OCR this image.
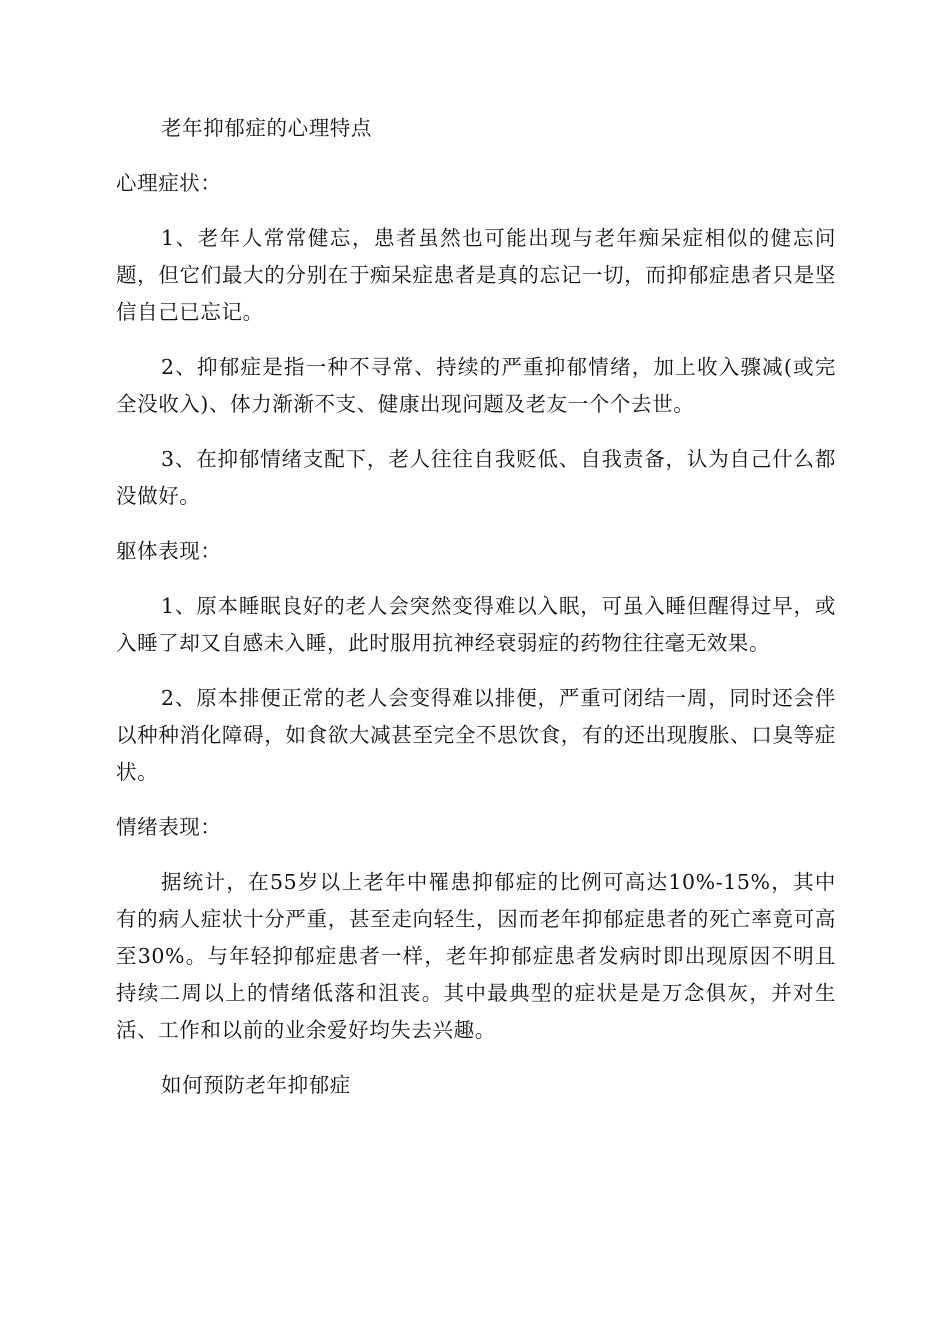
老年抑郁症的心理特点

心理症状：

1、老年人常常健忘，患者虽然也可能出现与老年痴呆症相似的健忘问题，但它们最大的分别在于痴呆症患者是真的忘记一切，而抑郁症患者只是坚信自己已忘记。

2、抑郁症是指一种不寻常、持续的严重抑郁情绪，加上收入骤减(或完全没收入)、体力渐渐不支、健康出现问题及老友一个个去世。

3、在抑郁情绪支配下，老人往往自我贬低、自我责备，认为自己什么都没做好。

躯体表现：

1、原本睡眠良好的老人会突然变得难以入眠，可虽入睡但醒得过早，或入睡了却又自感未入睡，此时服用抗神经衰弱症的药物往往毫无效果。

2、原本排便正常的老人会变得难以排便，严重可闭结一周，同时还会伴以种种消化障碍，如食欲大减甚至完全不思饮食，有的还出现腹胀、口臭等症状。

情绪表现：

据统计，在55岁以上老年中罹患抑郁症的比例可高达10%-15%，其中有的病人症状十分严重，甚至走向轻生，因而老年抑郁症患者的死亡率竟可高至30%。与年轻抑郁症患者一样，老年抑郁症患者发病时即出现原因不明且持续二周以上的情绪低落和沮丧。其中最典型的症状是是万念俱灰，并对生活、工作和以前的业余爱好均失去兴趣。

如何预防老年抑郁症
